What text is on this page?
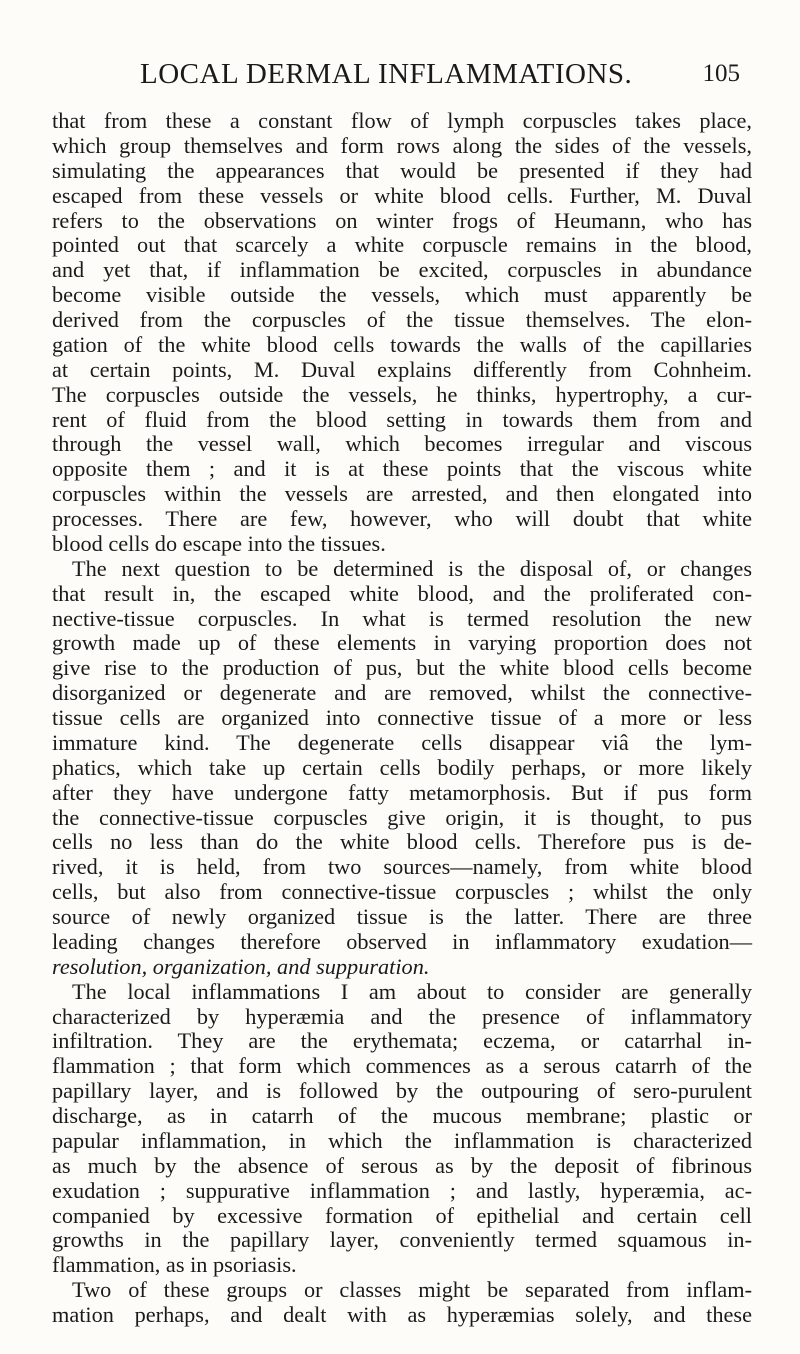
LOCAL DERMAL INFLAMMATIONS.	105
that from these a constant flow of lymph corpuscles takes place,
which group themselves and form rows along the sides of the vessels,
simulating the appearances that would be presented if they had
escaped from these vessels or white blood cells. Further, M. Duval
refers to the observations on winter frogs of Heumann, who has
pointed out that scarcely a white corpuscle remains in the blood,
and yet that, if inflammation be excited, corpuscles in abundance
become visible outside the vessels, which must apparently be
derived from the corpuscles of the tissue themselves. The elon-
gation of the white blood cells towards the walls of the capillaries
at certain points, M. Duval explains differently from Cohnheim.
The corpuscles outside the vessels, he thinks, hypertrophy, a cur-
rent of fluid from the blood setting in towards them from and
through the vessel wall, which becomes irregular and viscous
opposite them ; and it is at these points that the viscous white
corpuscles within the vessels are arrested, and then elongated into
processes. There are few, however, who will doubt that white
blood cells do escape into the tissues.
The next question to be determined is the disposal of, or changes
that result in, the escaped white blood, and the proliferated con-
nective-tissue corpuscles. In what is termed resolution the new
growth made up of these elements in varying proportion does not
give rise to the production of pus, but the white blood cells become
disorganized or degenerate and are removed, whilst the connective-
tissue cells are organized into connective tissue of a more or less
immature kind. The degenerate cells disappear viâ the lym-
phatics, which take up certain cells bodily perhaps, or more likely
after they have undergone fatty metamorphosis. But if pus form
the connective-tissue corpuscles give origin, it is thought, to pus
cells no less than do the white blood cells. Therefore pus is de-
rived, it is held, from two sources—namely, from white blood
cells, but also from connective-tissue corpuscles ; whilst the only
source of newly organized tissue is the latter. There are three
leading changes therefore observed in inflammatory exudation—
resolution, organization, and suppuration.
The local inflammations I am about to consider are generally
characterized by hyperæmia and the presence of inflammatory
infiltration. They are the erythemata; eczema, or catarrhal in-
flammation ; that form which commences as a serous catarrh of the
papillary layer, and is followed by the outpouring of sero-purulent
discharge, as in catarrh of the mucous membrane; plastic or
papular inflammation, in which the inflammation is characterized
as much by the absence of serous as by the deposit of fibrinous
exudation ; suppurative inflammation ; and lastly, hyperæmia, ac-
companied by excessive formation of epithelial and certain cell
growths in the papillary layer, conveniently termed squamous in-
flammation, as in psoriasis.
Two of these groups or classes might be separated from inflam-
mation perhaps, and dealt with as hyperæmias solely, and these
